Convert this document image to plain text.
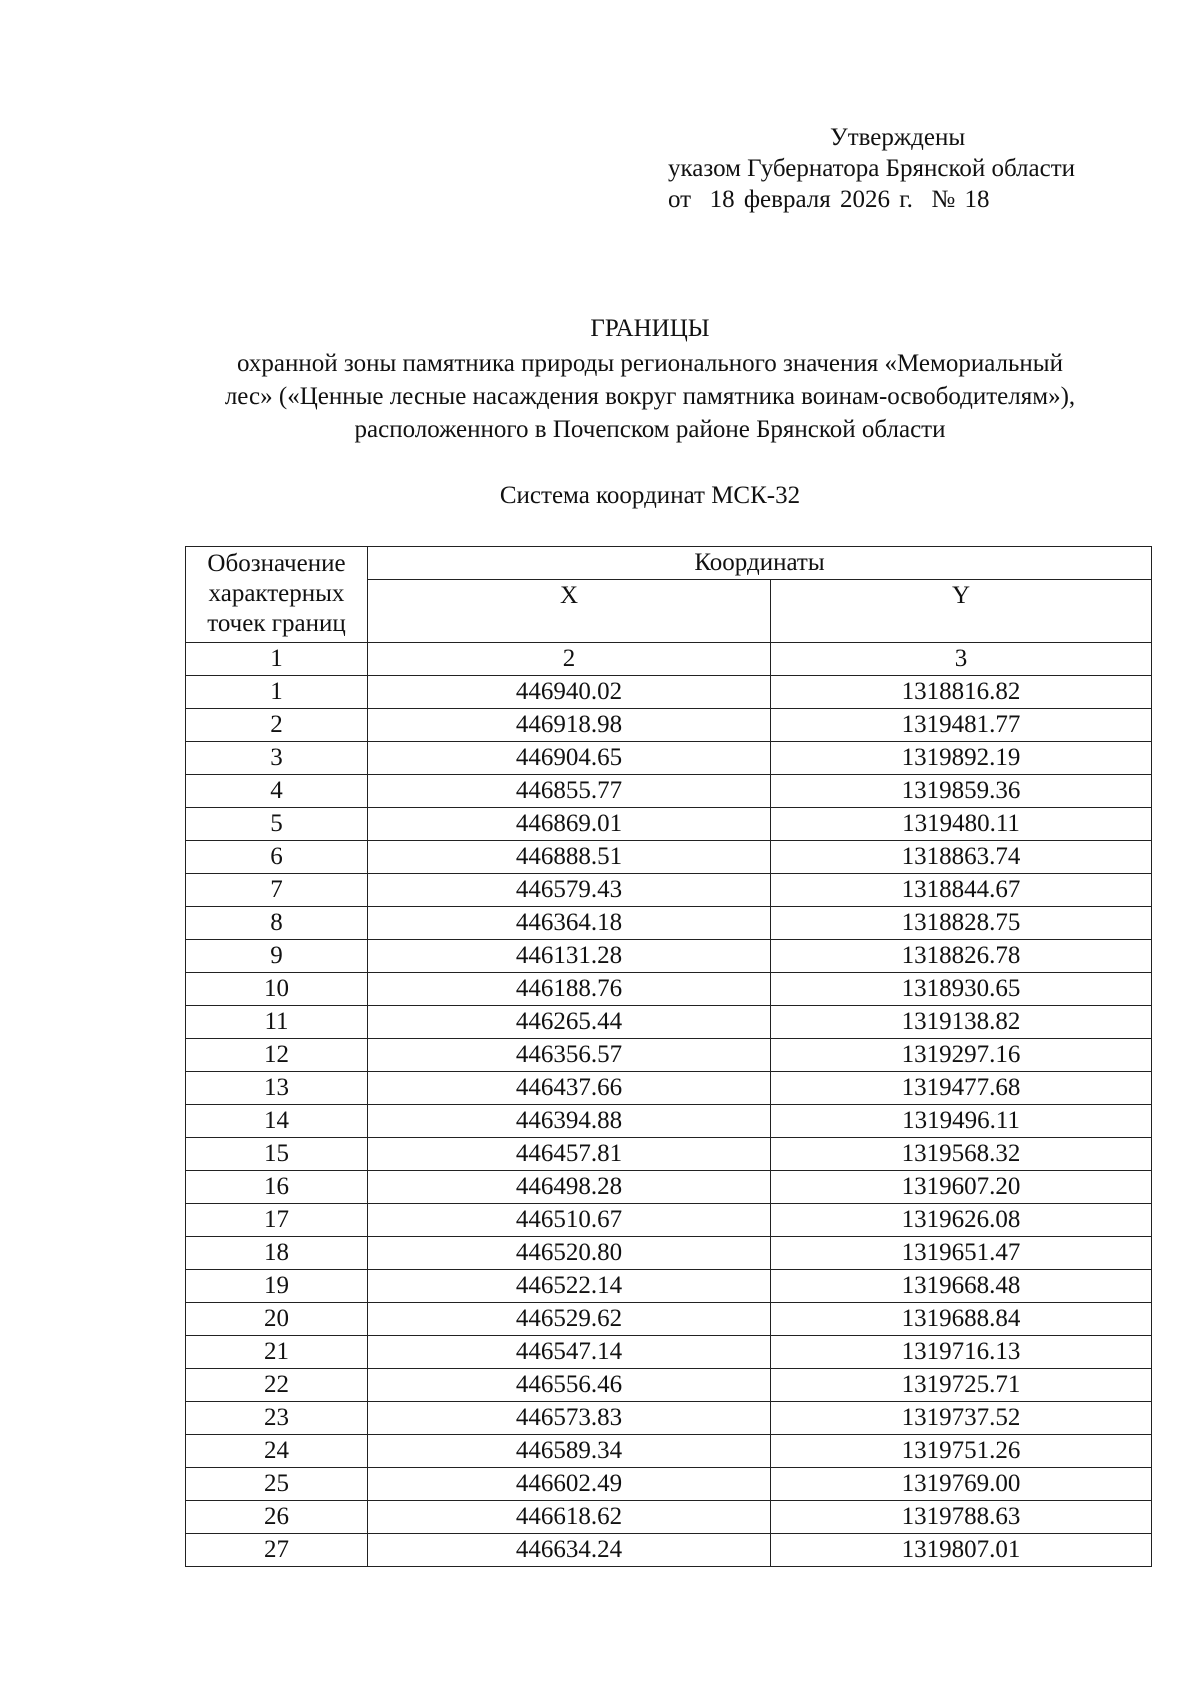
Утверждены
указом Губернатора Брянской области
от  18 февраля 2026 г.  № 18
ГРАНИЦЫ
охранной зоны памятника природы регионального значения «Мемориальный
лес» («Ценные лесные насаждения вокруг памятника воинам-освободителям»),
расположенного в Почепском районе Брянской области
Система координат МСК-32
Обозначение характерных точек границ	Координаты	
	X	Y
1	2	3
1	446940.02	1318816.82
2	446918.98	1319481.77
3	446904.65	1319892.19
4	446855.77	1319859.36
5	446869.01	1319480.11
6	446888.51	1318863.74
7	446579.43	1318844.67
8	446364.18	1318828.75
9	446131.28	1318826.78
10	446188.76	1318930.65
11	446265.44	1319138.82
12	446356.57	1319297.16
13	446437.66	1319477.68
14	446394.88	1319496.11
15	446457.81	1319568.32
16	446498.28	1319607.20
17	446510.67	1319626.08
18	446520.80	1319651.47
19	446522.14	1319668.48
20	446529.62	1319688.84
21	446547.14	1319716.13
22	446556.46	1319725.71
23	446573.83	1319737.52
24	446589.34	1319751.26
25	446602.49	1319769.00
26	446618.62	1319788.63
27	446634.24	1319807.01
